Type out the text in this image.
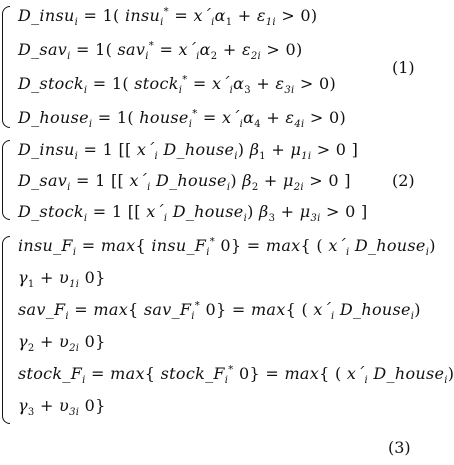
D_insu$_i$ = 1( insu$_i$* = $x´_i\alpha_1 + \varepsilon_{1i} > 0$)
D_sav$_i$ = 1( $sav_i^* = x´_i\alpha_2 + \varepsilon_{2i} > 0$)
D_stock$_i$ = 1( stock$_i$* = $x´_i\alpha_3 + \varepsilon_{3i} > 0$)
D_house$_i$ = 1( house$_i$* = $x´_i\alpha_4 + \varepsilon_{4i} > 0$)
(1)
D_insu$_i$ = 1 [[ $x´_i$ D_house$_i$) $\beta_1 + \mu_{1i} > 0$ ]
D_sav$_i$ = 1 [[ $x´_i$ D_house$_i$) $\beta_2 + \mu_{2i} > 0$ ]
D_stock$_i$ = 1 [[ $x´_i$ D_house$_i$) $\beta_3 + \mu_{3i} > 0$ ]
(2)
$insu\_F_i = \max${ $insu\_F_i^*$ 0} = max{ ( $x´_i$ D_house$_i$)
$\gamma_1 + \upsilon_{1i}$ 0}
$sav\_F_i = \max${ $sav\_F_i^*$ 0} = max{ ( $x´_i$ D_house$_i$)
$\gamma_2 + \upsilon_{2i}$ 0}
$stock\_F_i = \max${ $stock\_F_i^*$ 0} = max{ ( $x´_i$ D_house$_i$)
$\gamma_3 + \upsilon_{3i}$ 0}
(3)
